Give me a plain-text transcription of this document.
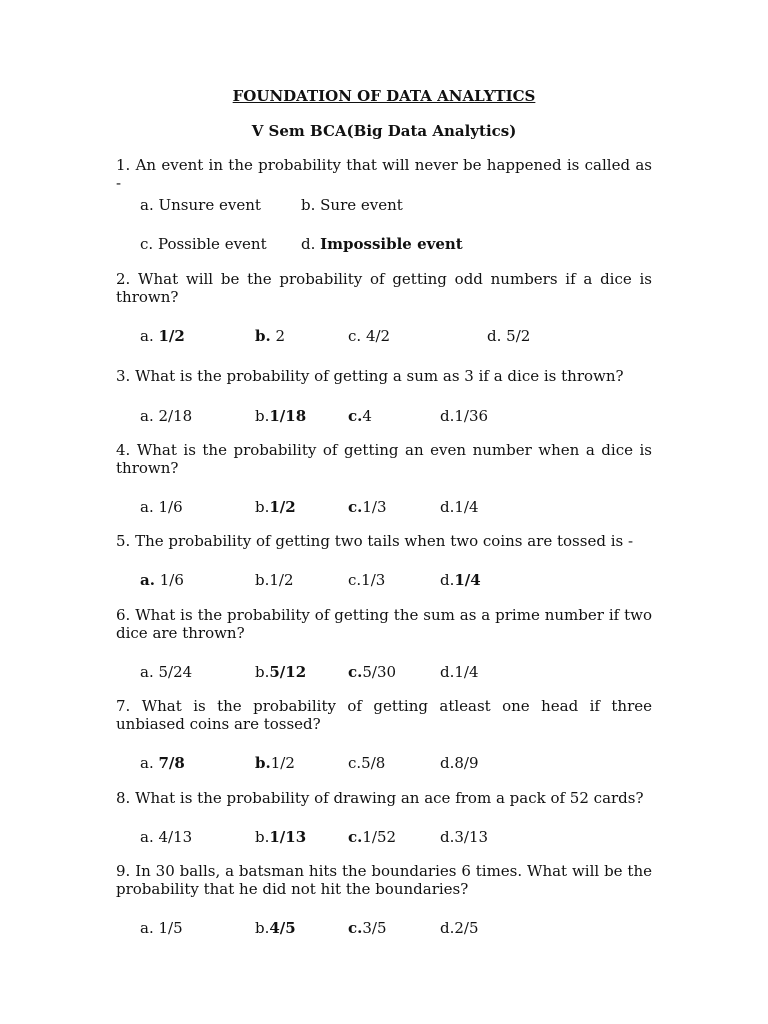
FOUNDATION OF DATA ANALYTICS
V Sem BCA(Big Data Analytics)
1. An event in the probability that will never be happened is called as -
a. Unsure event	b. Sure event
c. Possible event d. Impossible event
2. What will be the probability of getting odd numbers if a dice is thrown?
a. 1/2	b. 2	c. 4/2	d. 5/2
3. What is the probability of getting a sum as 3 if a dice is thrown?
a. 2/18	b.1/18	c.4	d.1/36
4. What is the probability of getting an even number when a dice is thrown?
a. 1/6	b.1/2	c.1/3	d.1/4
5. The probability of getting two tails when two coins are tossed is -
a. 1/6	b.1/2	c.1/3	d.1/4
6. What is the probability of getting the sum as a prime number if two dice are thrown?
a. 5/24	b.5/12	c.5/30	d.1/4
7. What is the probability of getting atleast one head if three unbiased coins are tossed?
a. 7/8	b.1/2	c.5/8	d.8/9
8. What is the probability of drawing an ace from a pack of 52 cards?
a. 4/13	b.1/13	c.1/52	d.3/13
9. In 30 balls, a batsman hits the boundaries 6 times. What will be the probability that he did not hit the boundaries?
a. 1/5	b.4/5	c.3/5	d.2/5
